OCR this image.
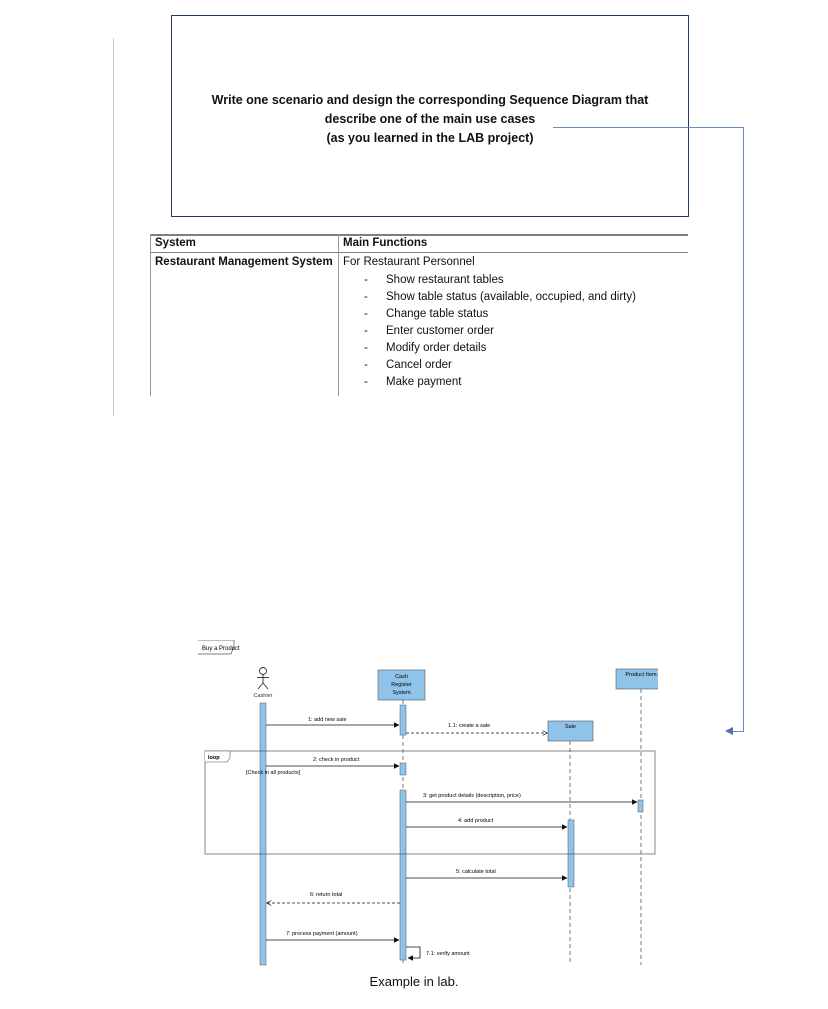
Write one scenario and design the corresponding Sequence Diagram that
describe one of the main use cases
(as you learned in the LAB project)
System	Main Functions
Restaurant Management System For Restaurant Personnel
- Show restaurant tables
- Show table status (available, occupied, and dirty)
- Change table status
- Enter customer order
- Modify order details
- Cancel order
- Make payment
Buy a Product
Cashier
Cash
Register
System
Sale
Product Item
loop
[Check in all products]
1: add new sale
1.1: create a sale
2: check in product
3: get product details (description, price)
4: add product
5: calculate total
6: return total
7: process payment (amount)
7.1: verify amount
Example in lab.
